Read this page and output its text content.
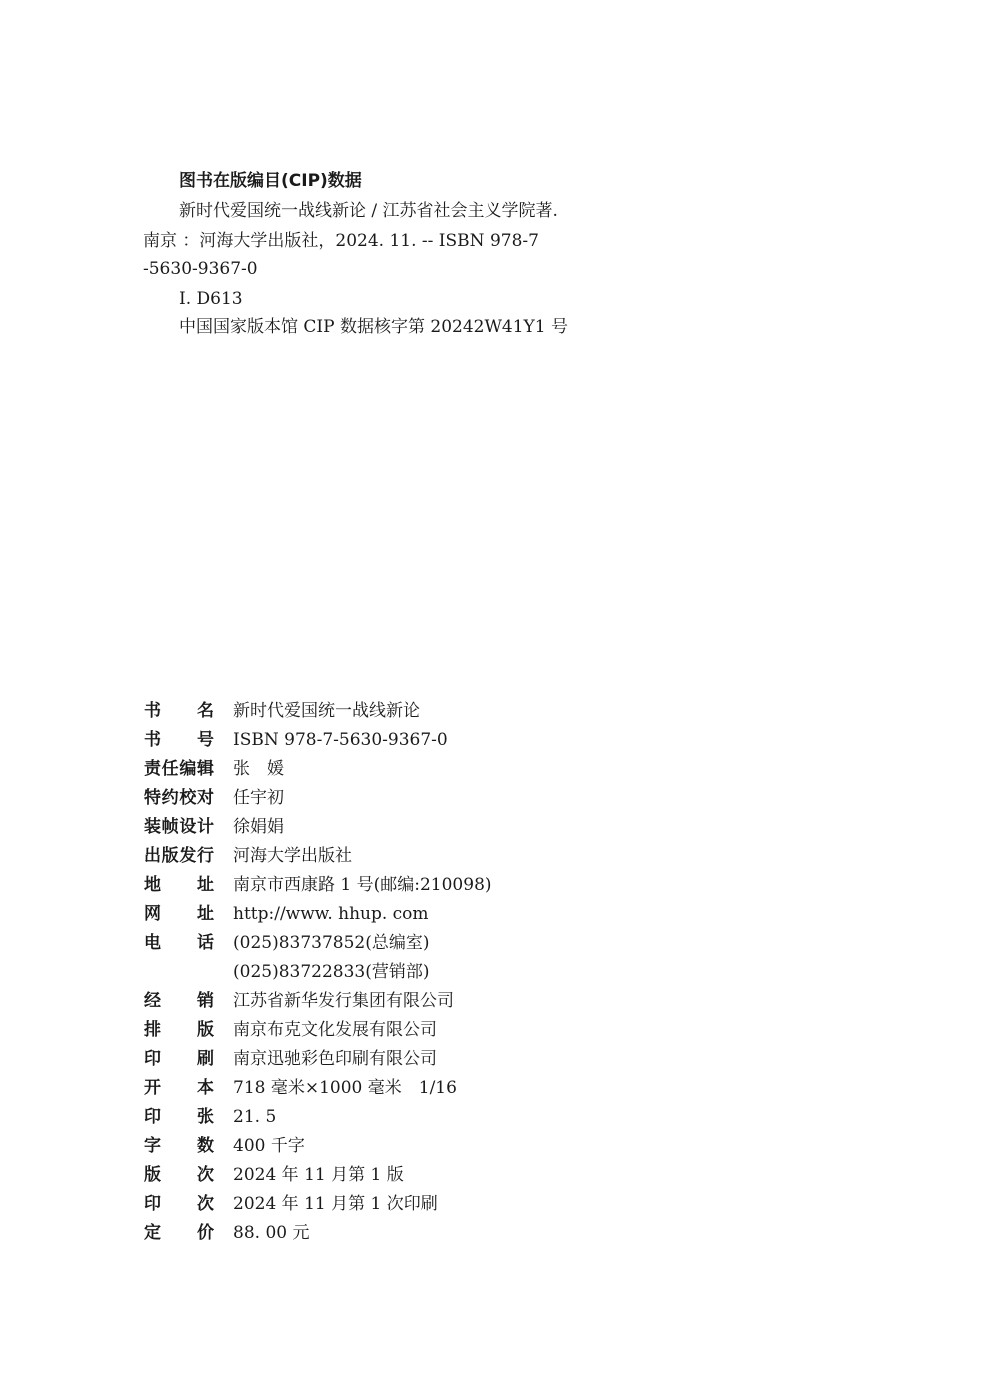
图书在版编目(CIP)数据
新时代爱国统一战线新论 / 江苏省社会主义学院著.
南京 ：河海大学出版社，2024. 11. -- ISBN 978-7
-5630-9367-0
Ⅰ. D613
中国国家版本馆 CIP 数据核字第 20242W41Y1 号
书名 新时代爱国统一战线新论
书号 ISBN 978-7-5630-9367-0
责任编辑 张　媛
特约校对 任宇初
装帧设计 徐娟娟
出版发行 河海大学出版社
地址 南京市西康路 1 号(邮编:210098)
网址 http://www. hhup. com
电话 (025)83737852(总编室)
(025)83722833(营销部)
经销 江苏省新华发行集团有限公司
排版 南京布克文化发展有限公司
印刷 南京迅驰彩色印刷有限公司
开本 718 毫米×1000 毫米　1/16
印张 21. 5
字数 400 千字
版次 2024 年 11 月第 1 版
印次 2024 年 11 月第 1 次印刷
定价 88. 00 元
